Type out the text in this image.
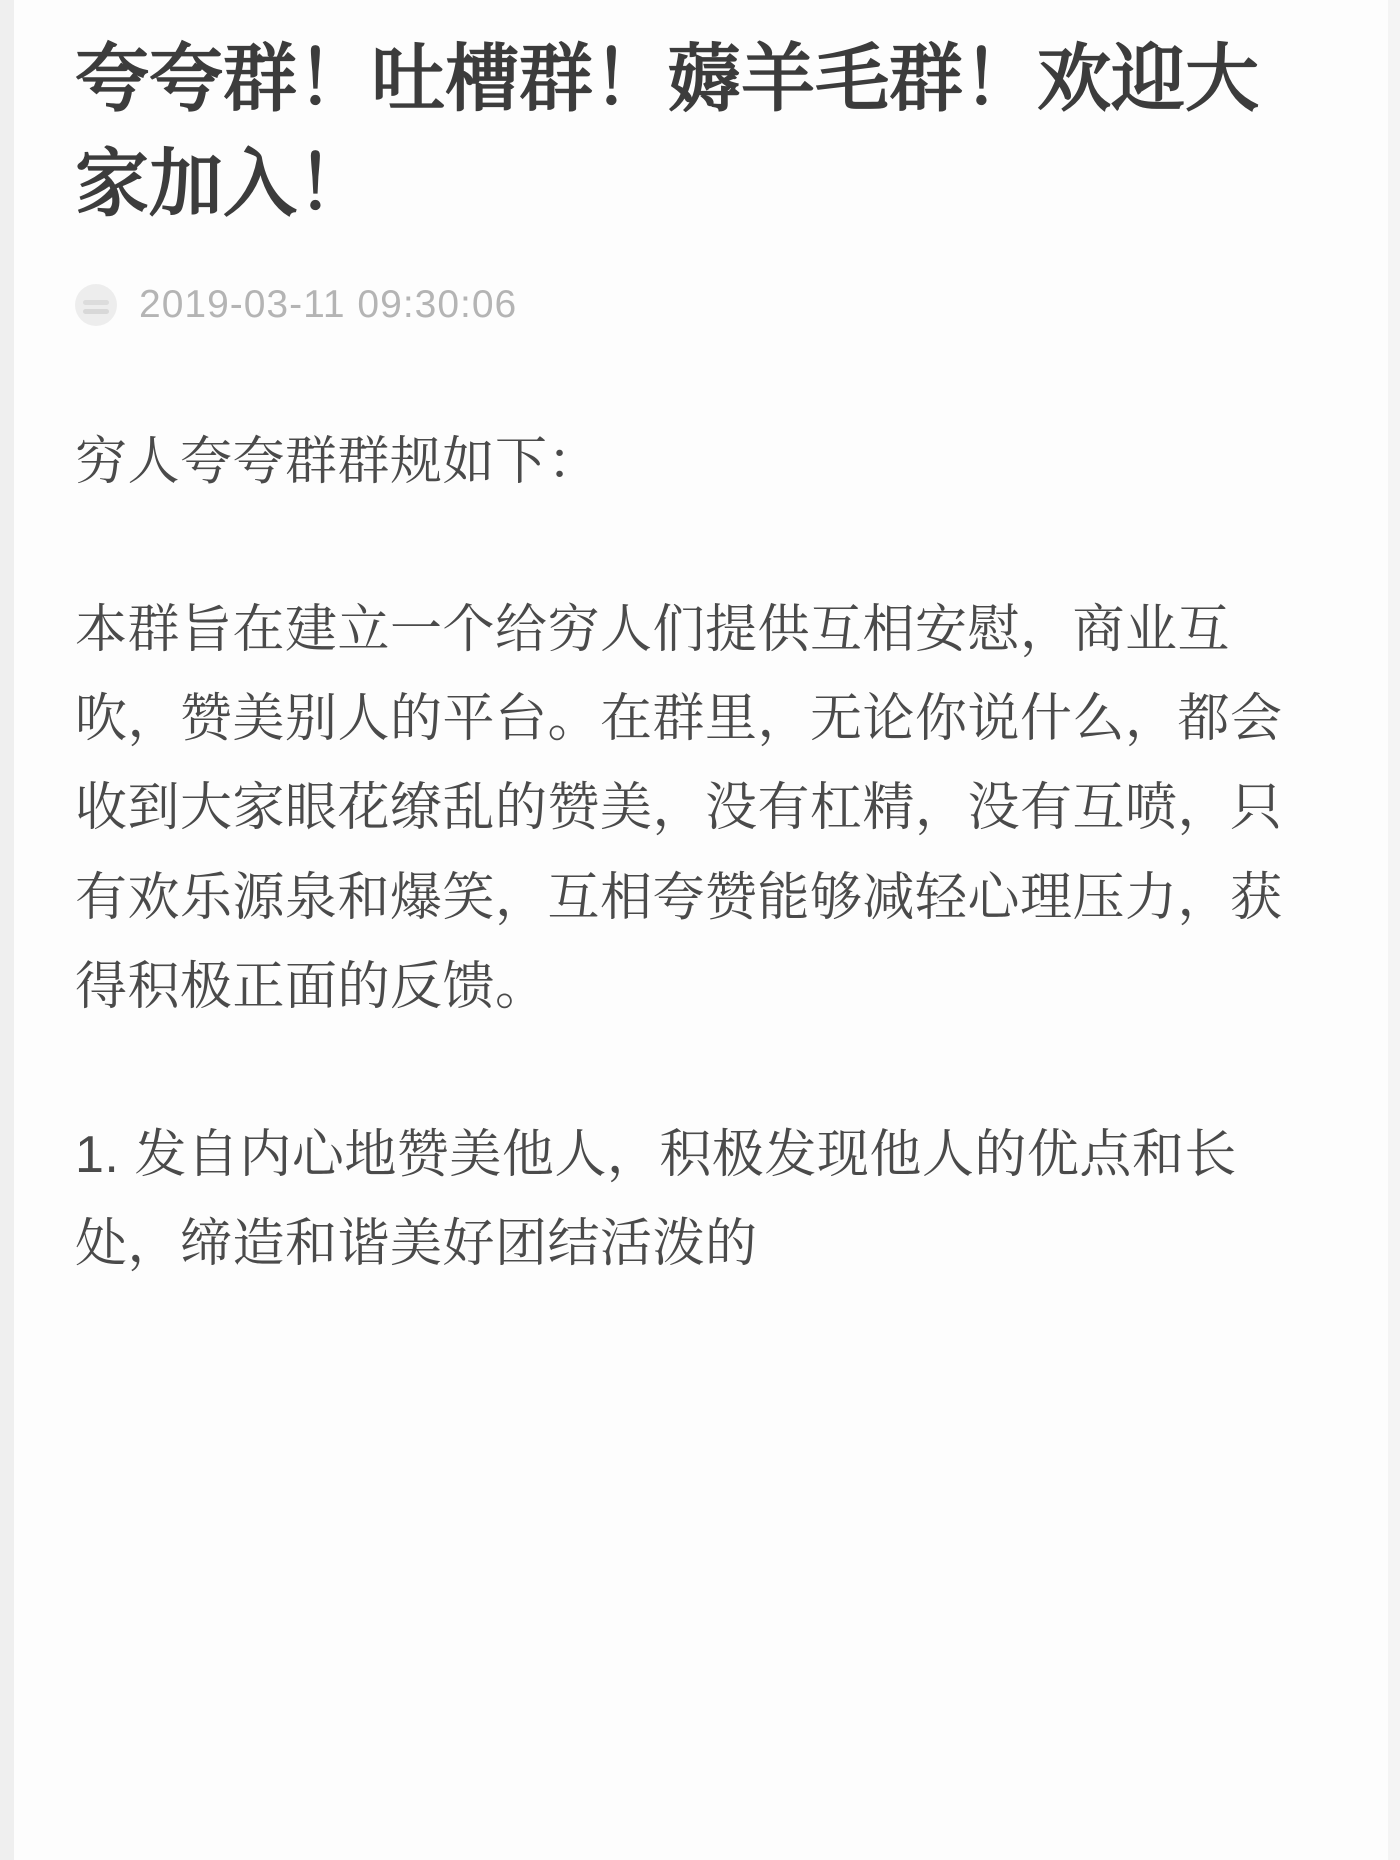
夸夸群！吐槽群！薅羊毛群！欢迎大家加入！
2019-03-11 09:30:06

穷人夸夸群群规如下：

本群旨在建立一个给穷人们提供互相安慰，商业互吹，赞美别人的平台。在群里，无论你说什么，都会收到大家眼花缭乱的赞美，没有杠精，没有互喷，只有欢乐源泉和爆笑，互相夸赞能够减轻心理压力，获得积极正面的反馈。

1. 发自内心地赞美他人，积极发现他人的优点和长处，缔造和谐美好团结活泼的
